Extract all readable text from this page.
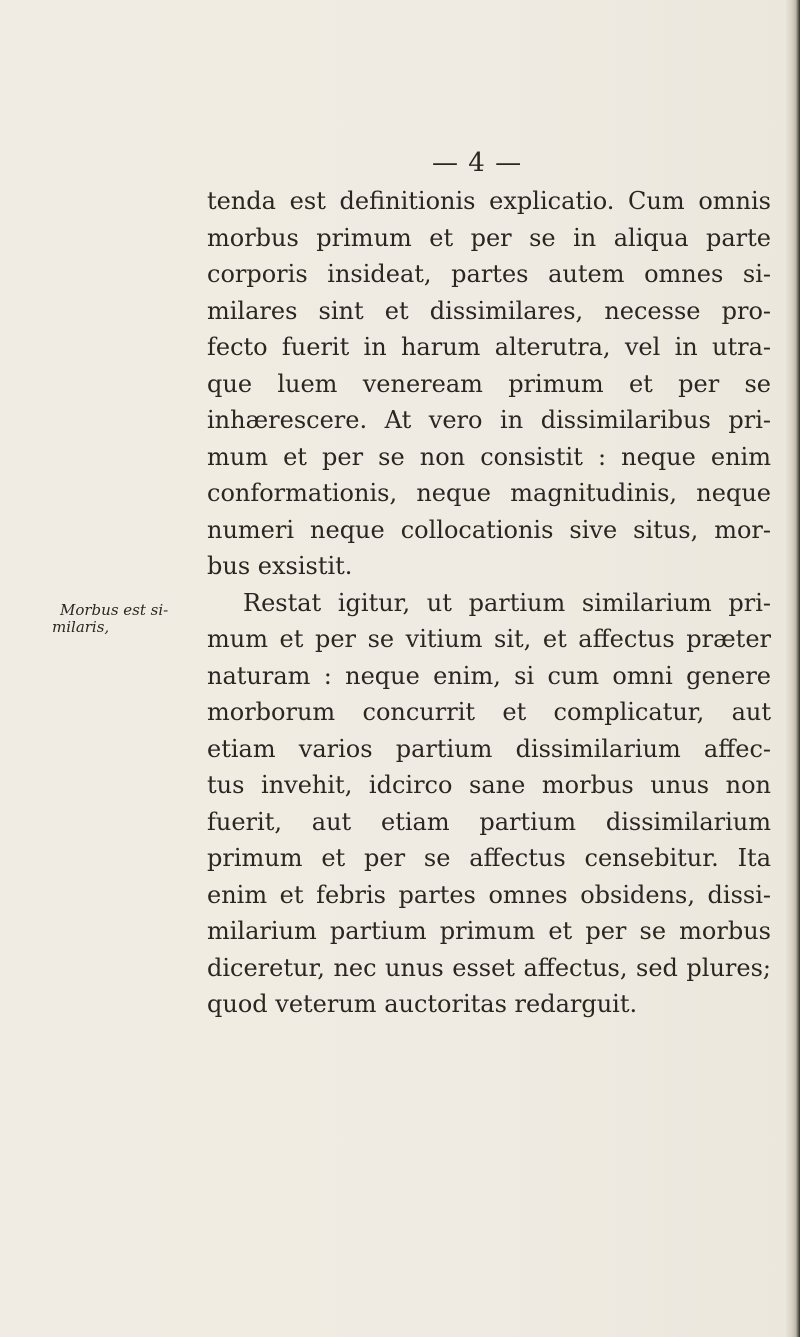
— 4 —
Morbus est si-
milaris,
tenda est definitionis explicatio. Cum omnis
morbus primum et per se in aliqua parte
corporis insideat, partes autem omnes si-
milares sint et dissimilares, necesse pro-
fecto fuerit in harum alterutra, vel in utra-
que luem veneream primum et per se
inhærescere. At vero in dissimilaribus pri-
mum et per se non consistit : neque enim
conformationis, neque magnitudinis, neque
numeri neque collocationis sive situs, mor-
bus exsistit.
Restat igitur, ut partium similarium pri-
mum et per se vitium sit, et affectus præter
naturam : neque enim, si cum omni genere
morborum concurrit et complicatur, aut
etiam varios partium dissimilarium affec-
tus invehit, idcirco sane morbus unus non
fuerit, aut etiam partium dissimilarium
primum et per se affectus censebitur. Ita
enim et febris partes omnes obsidens, dissi-
milarium partium primum et per se morbus
diceretur, nec unus esset affectus, sed plures;
quod veterum auctoritas redarguit.
